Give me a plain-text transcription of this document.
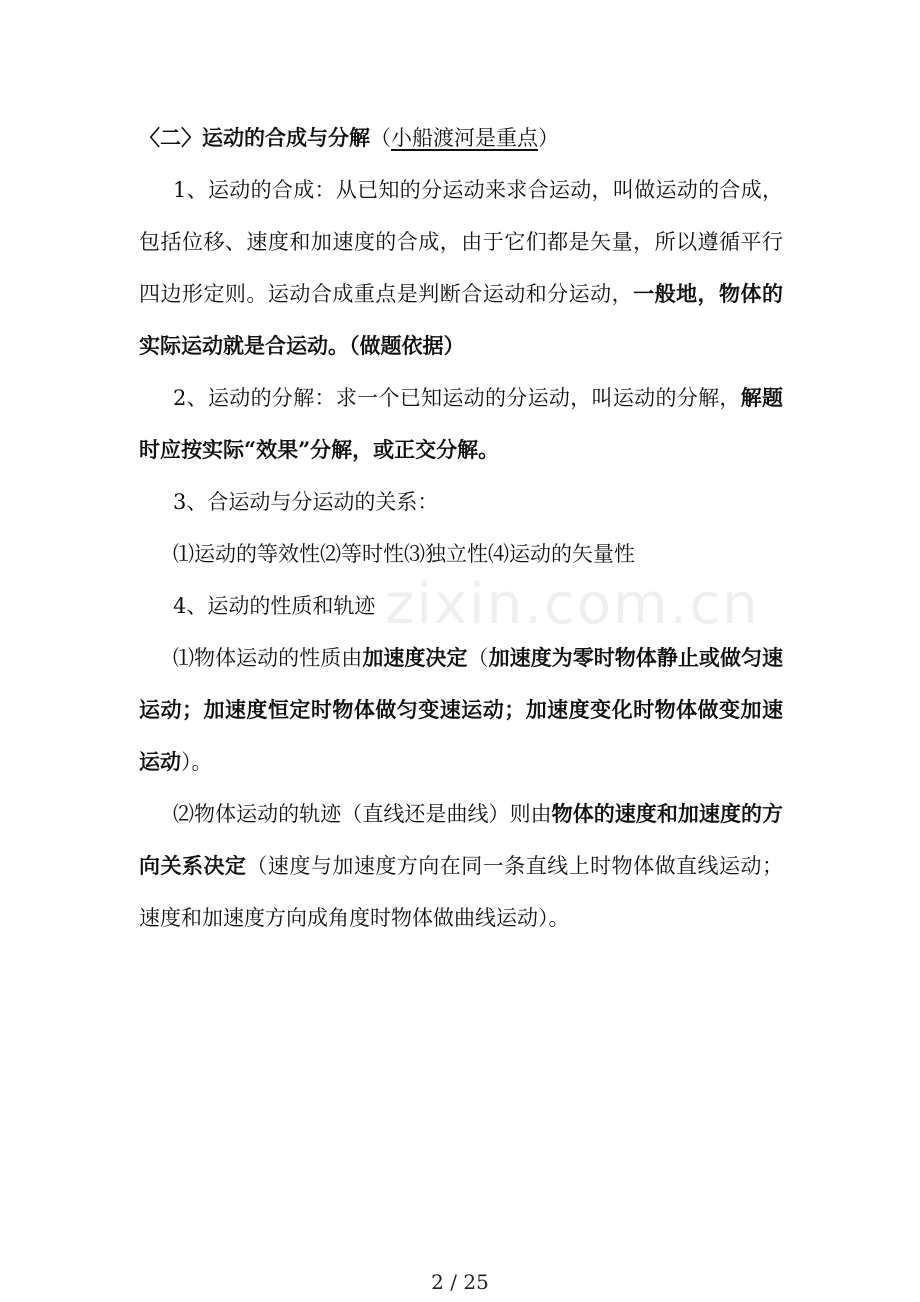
〈二〉运动的合成与分解（小船渡河是重点）

1、运动的合成：从已知的分运动来求合运动，叫做运动的合成，包括位移、速度和加速度的合成，由于它们都是矢量，所以遵循平行四边形定则。运动合成重点是判断合运动和分运动，一般地，物体的实际运动就是合运动。（做题依据）

2、运动的分解：求一个已知运动的分运动，叫运动的分解，解题时应按实际“效果”分解，或正交分解。

3、合运动与分运动的关系：

⑴运动的等效性⑵等时性⑶独立性⑷运动的矢量性

4、运动的性质和轨迹

⑴物体运动的性质由加速度决定（加速度为零时物体静止或做匀速运动；加速度恒定时物体做匀变速运动；加速度变化时物体做变加速运动）。

⑵物体运动的轨迹（直线还是曲线）则由物体的速度和加速度的方向关系决定（速度与加速度方向在同一条直线上时物体做直线运动；速度和加速度方向成角度时物体做曲线运动）。

zixin.com.cn
2 / 25
